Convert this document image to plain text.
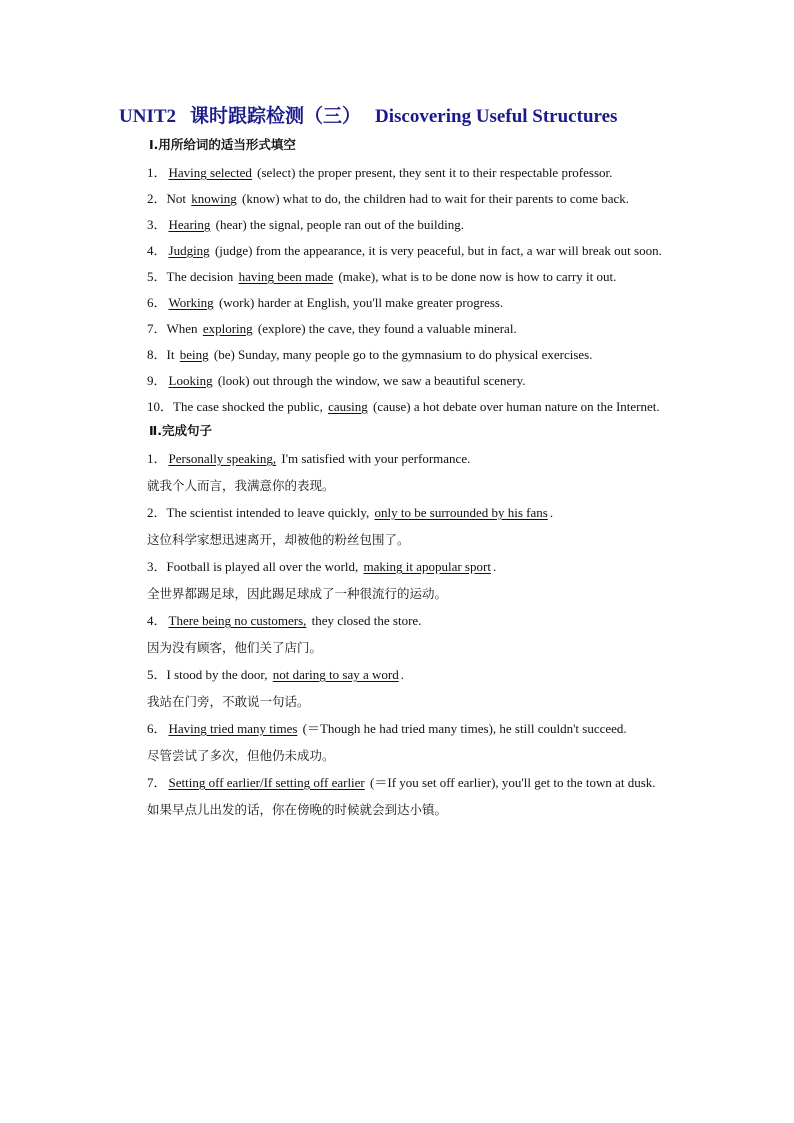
UNIT2 课时跟踪检测（三） Discovering Useful Structures
Ⅰ.用所给词的适当形式填空

1． Having selected (select) the proper present, they sent it to their respectable professor.

2．Not knowing (know) what to do, the children had to wait for their parents to come back.

3． Hearing (hear) the signal, people ran out of the building.

4． Judging (judge) from the appearance, it is very peaceful, but in fact, a war will break out soon.

5．The decision having been made (make), what is to be done now is how to carry it out.

6． Working (work) harder at English, you'll make greater progress.

7．When exploring (explore) the cave, they found a valuable mineral.

8．It being (be) Sunday, many people go to the gymnasium to do physical exercises.

9． Looking (look) out through the window, we saw a beautiful scenery.

10．The case shocked the public, causing (cause) a hot debate over human nature on the Internet.

Ⅱ.完成句子

1． Personally speaking, I'm satisfied with your performance.

就我个人而言，我满意你的表现。

2．The scientist intended to leave quickly, only to be surrounded by his fans .

这位科学家想迅速离开，却被他的粉丝包围了。

3．Football is played all over the world, making it apopular sport .

全世界都踢足球，因此踢足球成了一种很流行的运动。

4． There being no customers, they closed the store.

因为没有顾客，他们关了店门。

5．I stood by the door, not daring to say a word .

我站在门旁，不敢说一句话。

6． Having tried many times (＝Though he had tried many times), he still couldn't succeed.

尽管尝试了多次，但他仍未成功。

7． Setting off earlier/If setting off earlier (＝If you set off earlier), you'll get to the town at dusk.

如果早点儿出发的话，你在傍晚的时候就会到达小镇。
